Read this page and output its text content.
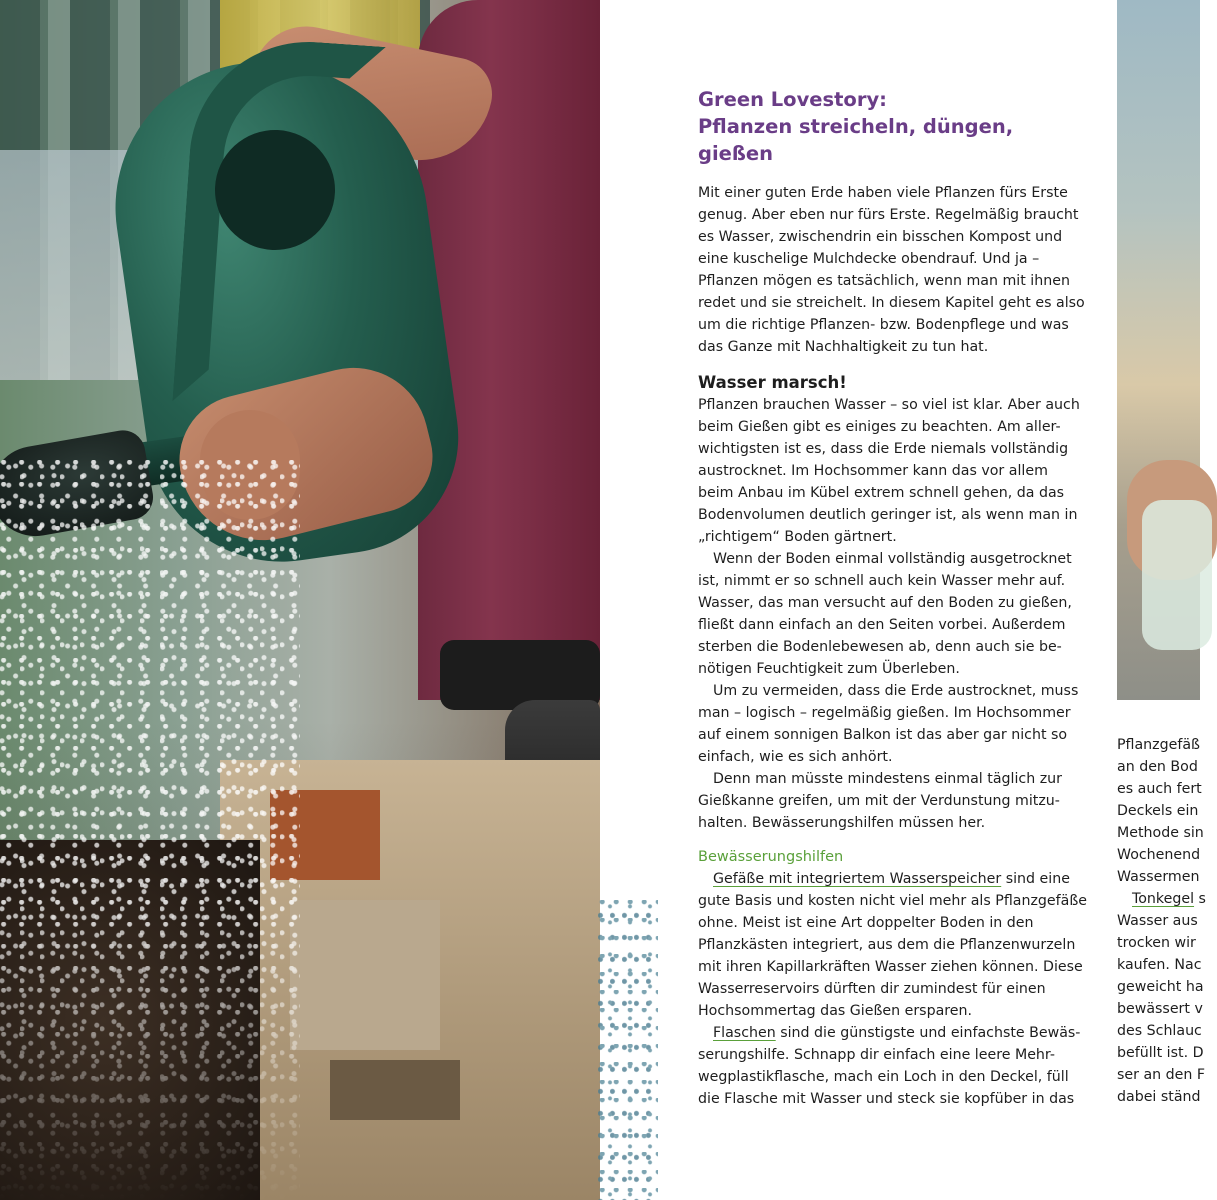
Green Lovestory:
Pflanzen streicheln, düngen, gießen
Mit einer guten Erde haben viele Pflanzen fürs Erste
genug. Aber eben nur fürs Erste. Regelmäßig braucht
es Wasser, zwischendrin ein bisschen Kompost und
eine kuschelige Mulchdecke obendrauf. Und ja –
Pflanzen mögen es tatsächlich, wenn man mit ihnen
redet und sie streichelt. In diesem Kapitel geht es also
um die richtige Pflanzen- bzw. Bodenpflege und was
das Ganze mit Nachhaltigkeit zu tun hat.
Wasser marsch!
Pflanzen brauchen Wasser – so viel ist klar. Aber auch
beim Gießen gibt es einiges zu beachten. Am aller-
wichtigsten ist es, dass die Erde niemals vollständig
austrocknet. Im Hochsommer kann das vor allem
beim Anbau im Kübel extrem schnell gehen, da das
Bodenvolumen deutlich geringer ist, als wenn man in
„richtigem“ Boden gärtnert.
Wenn der Boden einmal vollständig ausgetrocknet
ist, nimmt er so schnell auch kein Wasser mehr auf.
Wasser, das man versucht auf den Boden zu gießen,
fließt dann einfach an den Seiten vorbei. Außerdem
sterben die Bodenlebewesen ab, denn auch sie be-
nötigen Feuchtigkeit zum Überleben.
Um zu vermeiden, dass die Erde austrocknet, muss
man – logisch – regelmäßig gießen. Im Hochsommer
auf einem sonnigen Balkon ist das aber gar nicht so
einfach, wie es sich anhört.
Denn man müsste mindestens einmal täglich zur
Gießkanne greifen, um mit der Verdunstung mitzu-
halten. Bewässerungshilfen müssen her.
Bewässerungshilfen
Gefäße mit integriertem Wasserspeicher sind eine
gute Basis und kosten nicht viel mehr als Pflanzgefäße
ohne. Meist ist eine Art doppelter Boden in den
Pflanzkästen integriert, aus dem die Pflanzenwurzeln
mit ihren Kapillarkräften Wasser ziehen können. Diese
Wasserreservoirs dürften dir zumindest für einen
Hochsommertag das Gießen ersparen.
Flaschen sind die günstigste und einfachste Bewäs-
serungshilfe. Schnapp dir einfach eine leere Mehr-
wegplastikflasche, mach ein Loch in den Deckel, füll
die Flasche mit Wasser und steck sie kopfüber in das
Pflanzgefäß
an den Bod
es auch fert
Deckels ein
Methode sin
Wochenend
Wassermen
Tonkegel s
Wasser aus
trocken wir
kaufen. Nac
geweicht ha
bewässert v
des Schlauc
befüllt ist. D
ser an den F
dabei ständ
